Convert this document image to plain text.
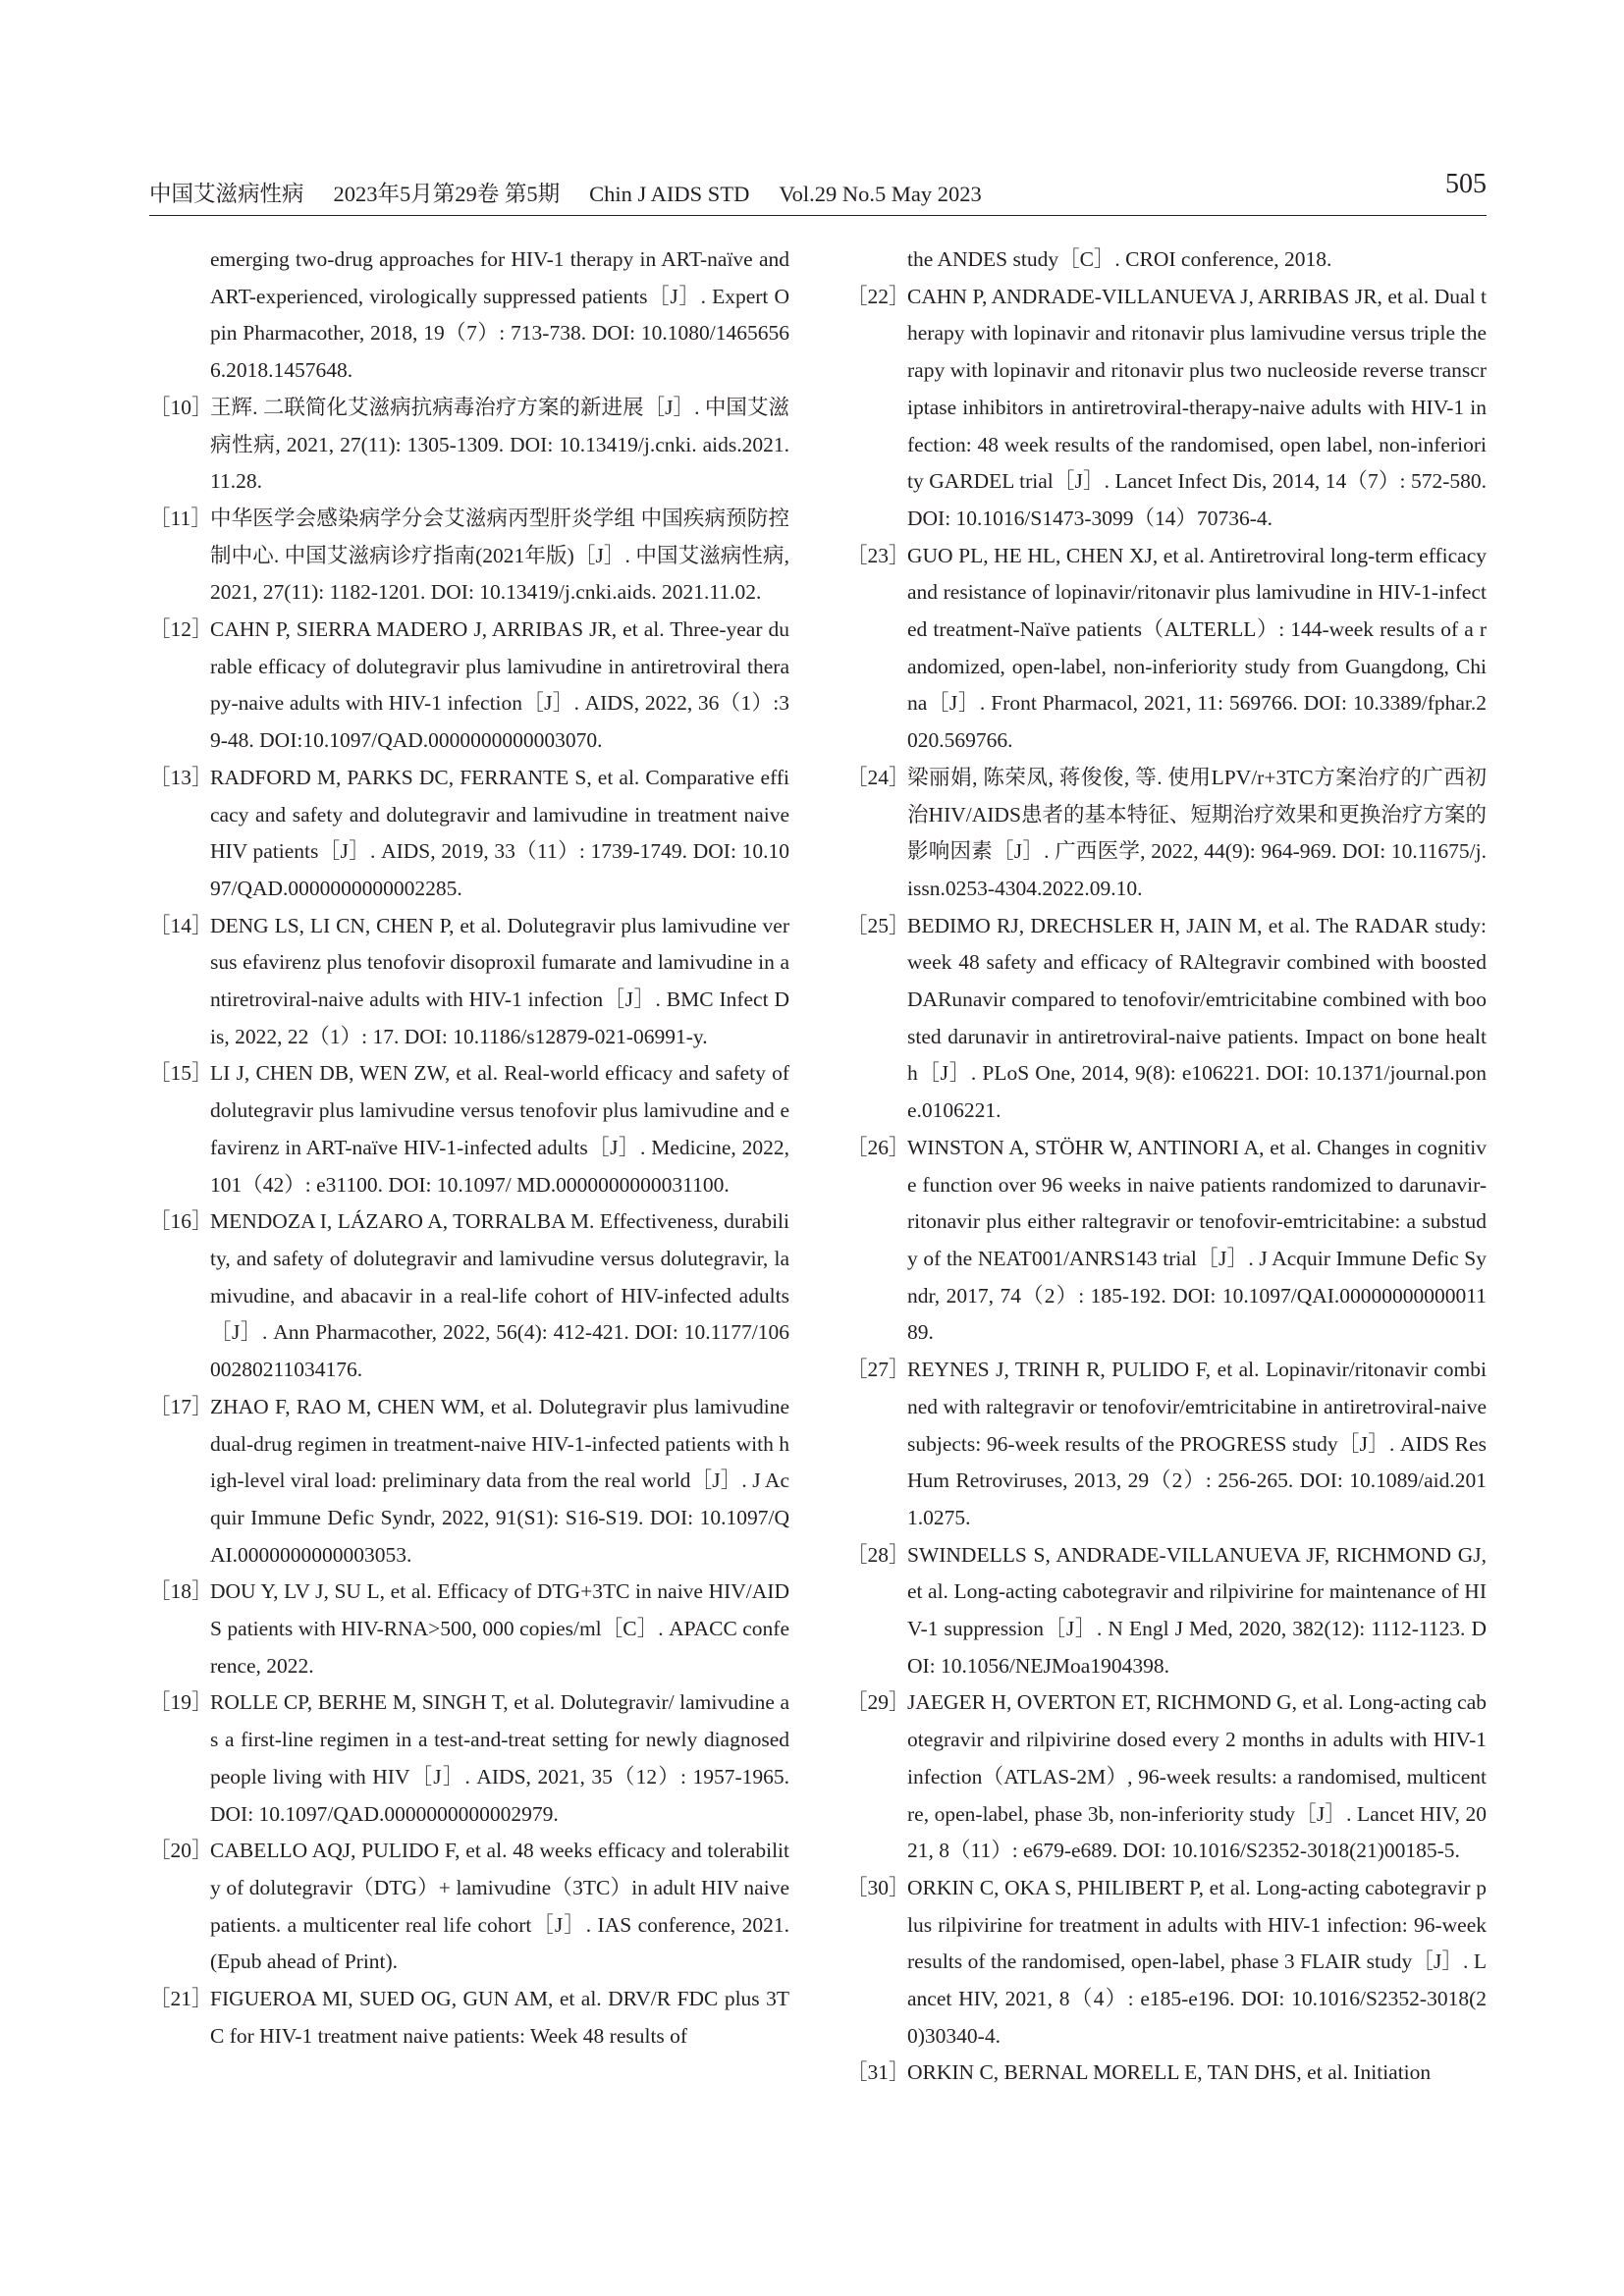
中国艾滋病性病 2023年5月第29卷 第5期 Chin J AIDS STD Vol.29 No.5 May 2023	505
emerging two-drug approaches for HIV-1 therapy in ART-naïve and ART-experienced, virologically suppressed patients［J］. Expert Opin Pharmacother, 2018, 19（7）: 713-738. DOI: 10.1080/14656566.2018.1457648.
［10］
王辉. 二联简化艾滋病抗病毒治疗方案的新进展［J］. 中国艾滋病性病, 2021, 27(11): 1305-1309. DOI: 10.13419/j.cnki. aids.2021.11.28.
［11］
中华医学会感染病学分会艾滋病丙型肝炎学组 中国疾病预防控制中心. 中国艾滋病诊疗指南(2021年版)［J］. 中国艾滋病性病, 2021, 27(11): 1182-1201. DOI: 10.13419/j.cnki.aids. 2021.11.02.
［12］
CAHN P, SIERRA MADERO J, ARRIBAS JR, et al. Three-year durable efficacy of dolutegravir plus lamivudine in antiretroviral therapy-naive adults with HIV-1 infection［J］. AIDS, 2022, 36（1）:39-48. DOI:10.1097/QAD.0000000000003070.
［13］
RADFORD M, PARKS DC, FERRANTE S, et al. Comparative efficacy and safety and dolutegravir and lamivudine in treatment naive HIV patients［J］. AIDS, 2019, 33（11）: 1739-1749. DOI: 10.1097/QAD.0000000000002285.
［14］
DENG LS, LI CN, CHEN P, et al. Dolutegravir plus lamivudine versus efavirenz plus tenofovir disoproxil fumarate and lamivudine in antiretroviral-naive adults with HIV-1 infection［J］. BMC Infect Dis, 2022, 22（1）: 17. DOI: 10.1186/s12879-021-06991-y.
［15］
LI J, CHEN DB, WEN ZW, et al. Real-world efficacy and safety of dolutegravir plus lamivudine versus tenofovir plus lamivudine and efavirenz in ART-naïve HIV-1-infected adults［J］. Medicine, 2022, 101（42）: e31100. DOI: 10.1097/ MD.0000000000031100.
［16］
MENDOZA I, LÁZARO A, TORRALBA M. Effectiveness, durability, and safety of dolutegravir and lamivudine versus dolutegravir, lamivudine, and abacavir in a real-life cohort of HIV-infected adults［J］. Ann Pharmacother, 2022, 56(4): 412-421. DOI: 10.1177/10600280211034176.
［17］
ZHAO F, RAO M, CHEN WM, et al. Dolutegravir plus lamivudine dual-drug regimen in treatment-naive HIV-1-infected patients with high-level viral load: preliminary data from the real world［J］. J Acquir Immune Defic Syndr, 2022, 91(S1): S16-S19. DOI: 10.1097/QAI.0000000000003053.
［18］
DOU Y, LV J, SU L, et al. Efficacy of DTG+3TC in naive HIV/AIDS patients with HIV-RNA>500, 000 copies/ml［C］. APACC conference, 2022.
［19］
ROLLE CP, BERHE M, SINGH T, et al. Dolutegravir/ lamivudine as a first-line regimen in a test-and-treat setting for newly diagnosed people living with HIV［J］. AIDS, 2021, 35（12）: 1957-1965. DOI: 10.1097/QAD.0000000000002979.
［20］
CABELLO AQJ, PULIDO F, et al. 48 weeks efficacy and tolerability of dolutegravir（DTG）+ lamivudine（3TC）in adult HIV naive patients. a multicenter real life cohort［J］. IAS conference, 2021.(Epub ahead of Print).
［21］
FIGUEROA MI, SUED OG, GUN AM, et al. DRV/R FDC plus 3TC for HIV-1 treatment naive patients: Week 48 results of
the ANDES study［C］. CROI conference, 2018.
［22］
CAHN P, ANDRADE-VILLANUEVA J, ARRIBAS JR, et al. Dual therapy with lopinavir and ritonavir plus lamivudine versus triple therapy with lopinavir and ritonavir plus two nucleoside reverse transcriptase inhibitors in antiretroviral-therapy-naive adults with HIV-1 infection: 48 week results of the randomised, open label, non-inferiority GARDEL trial［J］. Lancet Infect Dis, 2014, 14（7）: 572-580. DOI: 10.1016/S1473-3099（14）70736-4.
［23］
GUO PL, HE HL, CHEN XJ, et al. Antiretroviral long-term efficacy and resistance of lopinavir/ritonavir plus lamivudine in HIV-1-infected treatment-Naïve patients（ALTERLL）: 144-week results of a randomized, open-label, non-inferiority study from Guangdong, China［J］. Front Pharmacol, 2021, 11: 569766. DOI: 10.3389/fphar.2020.569766.
［24］
梁丽娟, 陈荣凤, 蒋俊俊, 等. 使用LPV/r+3TC方案治疗的广西初治HIV/AIDS患者的基本特征、短期治疗效果和更换治疗方案的影响因素［J］. 广西医学, 2022, 44(9): 964-969. DOI: 10.11675/j.issn.0253-4304.2022.09.10.
［25］
BEDIMO RJ, DRECHSLER H, JAIN M, et al. The RADAR study: week 48 safety and efficacy of RAltegravir combined with boosted DARunavir compared to tenofovir/emtricitabine combined with boosted darunavir in antiretroviral-naive patients. Impact on bone health［J］. PLoS One, 2014, 9(8): e106221. DOI: 10.1371/journal.pone.0106221.
［26］
WINSTON A, STÖHR W, ANTINORI A, et al. Changes in cognitive function over 96 weeks in naive patients randomized to darunavir-ritonavir plus either raltegravir or tenofovir-emtricitabine: a substudy of the NEAT001/ANRS143 trial［J］. J Acquir Immune Defic Syndr, 2017, 74（2）: 185-192. DOI: 10.1097/QAI.0000000000001189.
［27］
REYNES J, TRINH R, PULIDO F, et al. Lopinavir/ritonavir combined with raltegravir or tenofovir/emtricitabine in antiretroviral-naive subjects: 96-week results of the PROGRESS study［J］. AIDS Res Hum Retroviruses, 2013, 29（2）: 256-265. DOI: 10.1089/aid.2011.0275.
［28］
SWINDELLS S, ANDRADE-VILLANUEVA JF, RICHMOND GJ, et al. Long-acting cabotegravir and rilpivirine for maintenance of HIV-1 suppression［J］. N Engl J Med, 2020, 382(12): 1112-1123. DOI: 10.1056/NEJMoa1904398.
［29］
JAEGER H, OVERTON ET, RICHMOND G, et al. Long-acting cabotegravir and rilpivirine dosed every 2 months in adults with HIV-1 infection（ATLAS-2M）, 96-week results: a randomised, multicentre, open-label, phase 3b, non-inferiority study［J］. Lancet HIV, 2021, 8（11）: e679-e689. DOI: 10.1016/S2352-3018(21)00185-5.
［30］
ORKIN C, OKA S, PHILIBERT P, et al. Long-acting cabotegravir plus rilpivirine for treatment in adults with HIV-1 infection: 96-week results of the randomised, open-label, phase 3 FLAIR study［J］. Lancet HIV, 2021, 8（4）: e185-e196. DOI: 10.1016/S2352-3018(20)30340-4.
［31］
ORKIN C, BERNAL MORELL E, TAN DHS, et al. Initiation
